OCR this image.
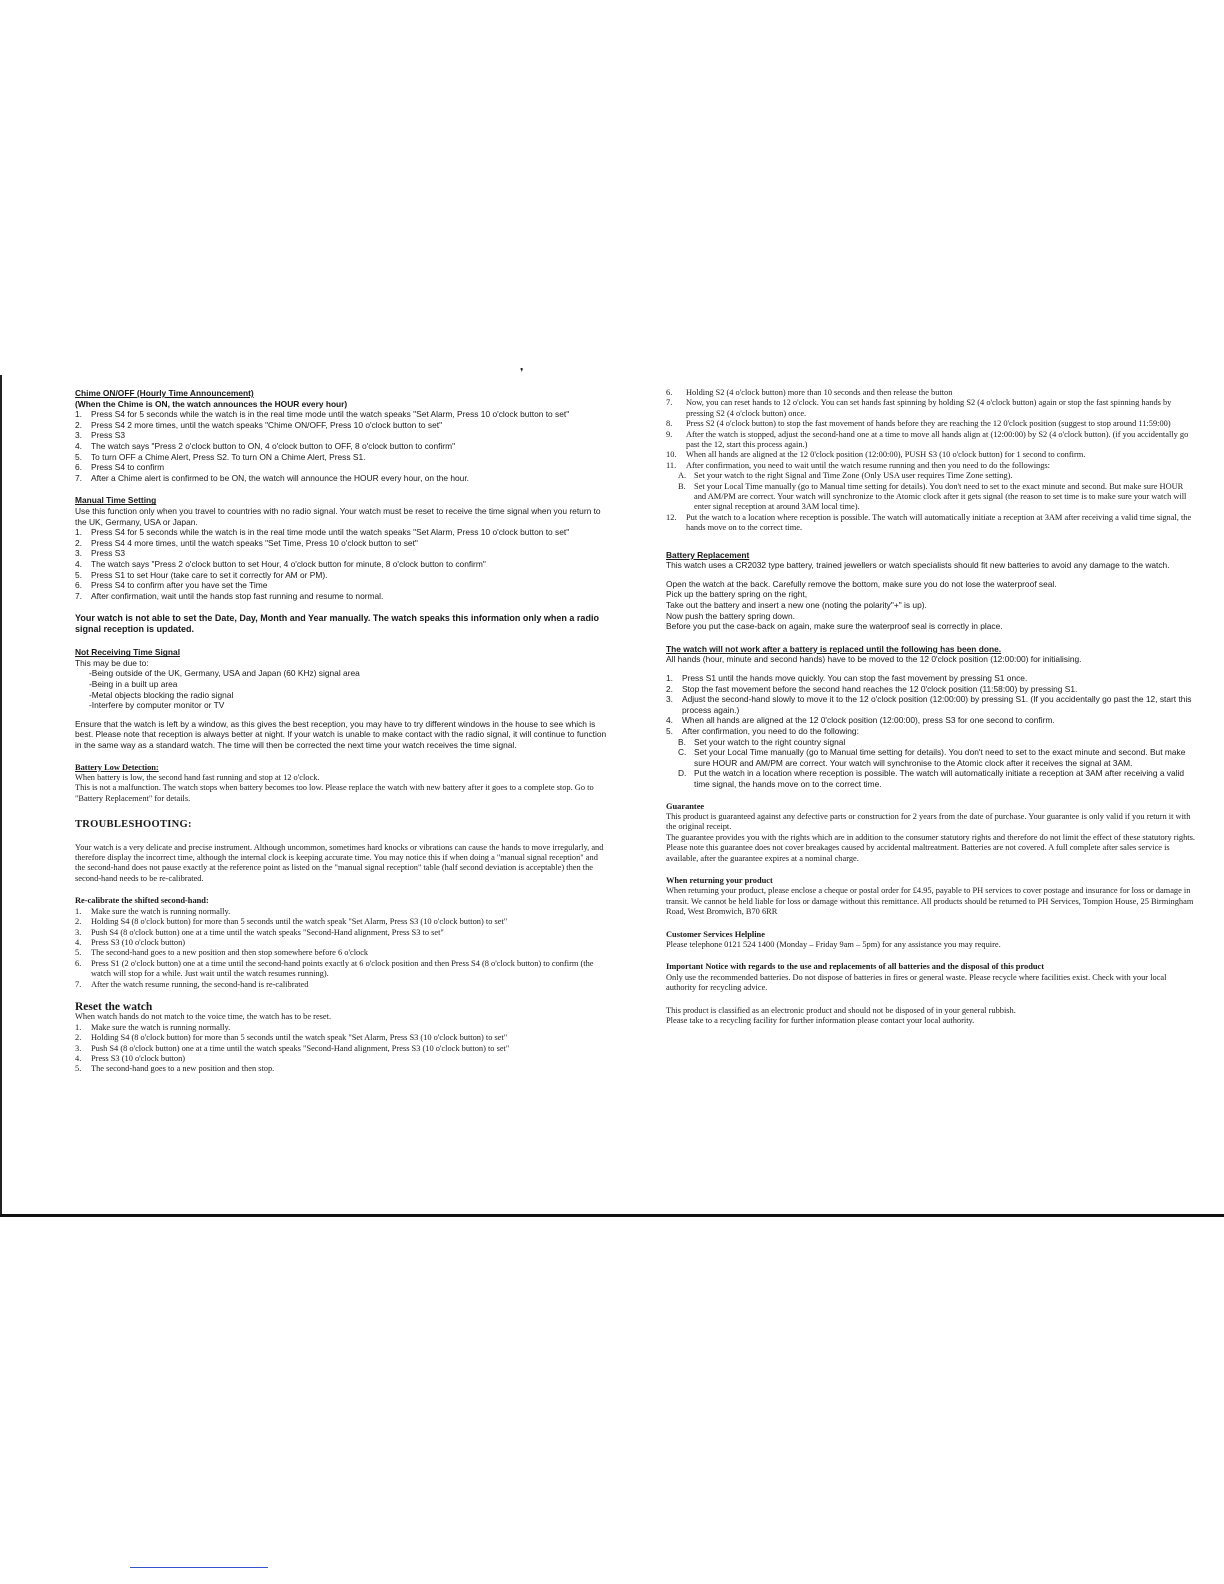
❜
Chime ON/OFF (Hourly Time Announcement)
(When the Chime is ON, the watch announces the HOUR every hour)
1. Press S4 for 5 seconds while the watch is in the real time mode until the watch speaks "Set Alarm, Press 10 o'clock button to set"
2. Press S4 2 more times, until the watch speaks "Chime ON/OFF, Press 10 o'clock button to set"
3. Press S3
4. The watch says "Press 2 o'clock button to ON, 4 o'clock button to OFF, 8 o'clock button to confirm"
5. To turn OFF a Chime Alert, Press S2. To turn ON a Chime Alert, Press S1.
6. Press S4 to confirm
7. After a Chime alert is confirmed to be ON, the watch will announce the HOUR every hour, on the hour.
Manual Time Setting

Use this function only when you travel to countries with no radio signal. Your watch must be reset to receive the time signal when you return to the UK, Germany, USA or Japan.

1. Press S4 for 5 seconds while the watch is in the real time mode until the watch speaks "Set Alarm, Press 10 o'clock button to set"
2. Press S4 4 more times, until the watch speaks "Set Time, Press 10 o'clock button to set"
3. Press S3
4. The watch says "Press 2 o'clock button to set Hour, 4 o'clock button for minute, 8 o'clock button to confirm"
5. Press S1 to set Hour (take care to set it correctly for AM or PM).
6. Press S4 to confirm after you have set the Time
7. After confirmation, wait until the hands stop fast running and resume to normal.

Your watch is not able to set the Date, Day, Month and Year manually. The watch speaks this information only when a radio signal reception is updated.

Not Receiving Time Signal

This may be due to:

-Being outside of the UK, Germany, USA and Japan (60 KHz) signal area

-Being in a built up area

-Metal objects blocking the radio signal

-Interfere by computer monitor or TV

Ensure that the watch is left by a window, as this gives the best reception, you may have to try different windows in the house to see which is best. Please note that reception is always better at night. If your watch is unable to make contact with the radio signal, it will continue to function in the same way as a standard watch. The time will then be corrected the next time your watch receives the time signal.

Battery Low Detection:

When battery is low, the second hand fast running and stop at 12 o'clock.

This is not a malfunction. The watch stops when battery becomes too low. Please replace the watch with new battery after it goes to a complete stop. Go to "Battery Replacement" for details.

TROUBLESHOOTING:

Your watch is a very delicate and precise instrument. Although uncommon, sometimes hard knocks or vibrations can cause the hands to move irregularly, and therefore display the incorrect time, although the internal clock is keeping accurate time. You may notice this if when doing a "manual signal reception" and the second-hand does not pause exactly at the reference point as listed on the "manual signal reception" table (half second deviation is acceptable) then the second-hand needs to be re-calibrated.

Re-calibrate the shifted second-hand:
1. Make sure the watch is running normally.
2. Holding S4 (8 o'clock button) for more than 5 seconds until the watch speak "Set Alarm, Press S3 (10 o'clock button) to set"
3. Push S4 (8 o'clock button) one at a time until the watch speaks "Second-Hand alignment, Press S3 to set"
4. Press S3 (10 o'clock button)
5. The second-hand goes to a new position and then stop somewhere before 6 o'clock
6. Press S1 (2 o'clock button) one at a time until the second-hand points exactly at 6 o'clock position and then Press S4 (8 o'clock button) to confirm (the watch will stop for a while. Just wait until the watch resumes running).
7. After the watch resume running, the second-hand is re-calibrated
Reset the watch

When watch hands do not match to the voice time, the watch has to be reset.

1. Make sure the watch is running normally.
2. Holding S4 (8 o'clock button) for more than 5 seconds until the watch speak "Set Alarm, Press S3 (10 o'clock button) to set"
3. Push S4 (8 o'clock button) one at a time until the watch speaks "Second-Hand alignment, Press S3 (10 o'clock button) to set"
4. Press S3 (10 o'clock button)
5. The second-hand goes to a new position and then stop.
6. Holding S2 (4 o'clock button) more than 10 seconds and then release the button
7. Now, you can reset hands to 12 o'clock. You can set hands fast spinning by holding S2 (4 o'clock button) again or stop the fast spinning hands by pressing S2 (4 o'clock button) once.
8. Press S2 (4 o'clock button) to stop the fast movement of hands before they are reaching the 12 0'clock position (suggest to stop around 11:59:00)
9. After the watch is stopped, adjust the second-hand one at a time to move all hands align at (12:00:00) by S2 (4 o'clock button). (if you accidentally go past the 12, start this process again.)
10. When all hands are aligned at the 12 0'clock position (12:00:00), PUSH S3 (10 o'clock button) for 1 second to confirm.
11. After confirmation, you need to wait until the watch resume running and then you need to do the followings:
A. Set your watch to the right Signal and Time Zone (Only USA user requires Time Zone setting).
B. Set your Local Time manually (go to Manual time setting for details). You don't need to set to the exact minute and second. But make sure HOUR and AM/PM are correct. Your watch will synchronize to the Atomic clock after it gets signal (the reason to set time is to make sure your watch will enter signal reception at around 3AM local time).
12. Put the watch to a location where reception is possible. The watch will automatically initiate a reception at 3AM after receiving a valid time signal, the hands move on to the correct time.
Battery Replacement

This watch uses a CR2032 type battery, trained jewellers or watch specialists should fit new batteries to avoid any damage to the watch.

Open the watch at the back. Carefully remove the bottom, make sure you do not lose the waterproof seal.

Pick up the battery spring on the right,

Take out the battery and insert a new one (noting the polarity"+" is up).

Now push the battery spring down.

Before you put the case-back on again, make sure the waterproof seal is correctly in place.

The watch will not work after a battery is replaced until the following has been done.

All hands (hour, minute and second hands) have to be moved to the 12 0'clock position (12:00:00) for initialising.

1. Press S1 until the hands move quickly. You can stop the fast movement by pressing S1 once.
2. Stop the fast movement before the second hand reaches the 12 0'clock position (11:58:00) by pressing S1.
3. Adjust the second-hand slowly to move it to the 12 o'clock position (12:00:00) by pressing S1. (If you accidentally go past the 12, start this process again.)
4. When all hands are aligned at the 12 0'clock position (12:00:00), press S3 for one second to confirm.
5. After confirmation, you need to do the following:
B. Set your watch to the right country signal
C. Set your Local Time manually (go to Manual time setting for details). You don't need to set to the exact minute and second. But make sure HOUR and AM/PM are correct. Your watch will synchronise to the Atomic clock after it receives the signal at 3AM.
D. Put the watch in a location where reception is possible. The watch will automatically initiate a reception at 3AM after receiving a valid time signal, the hands move on to the correct time.
Guarantee

This product is guaranteed against any defective parts or construction for 2 years from the date of purchase. Your guarantee is only valid if you return it with the original receipt.

The guarantee provides you with the rights which are in addition to the consumer statutory rights and therefore do not limit the effect of these statutory rights.

Please note this guarantee does not cover breakages caused by accidental maltreatment. Batteries are not covered. A full complete after sales service is available, after the guarantee expires at a nominal charge.

When returning your product

When returning your product, please enclose a cheque or postal order for £4.95, payable to PH services to cover postage and insurance for loss or damage in transit. We cannot be held liable for loss or damage without this remittance. All products should be returned to PH Services, Tompion House, 25 Birmingham Road, West Bromwich, B70 6RR

Customer Services Helpline

Please telephone 0121 524 1400 (Monday – Friday 9am – 5pm) for any assistance you may require.

Important Notice with regards to the use and replacements of all batteries and the disposal of this product

Only use the recommended batteries. Do not dispose of batteries in fires or general waste. Please recycle where facilities exist. Check with your local authority for recycling advice.

This product is classified as an electronic product and should not be disposed of in your general rubbish.

Please take to a recycling facility for further information please contact your local authority.
